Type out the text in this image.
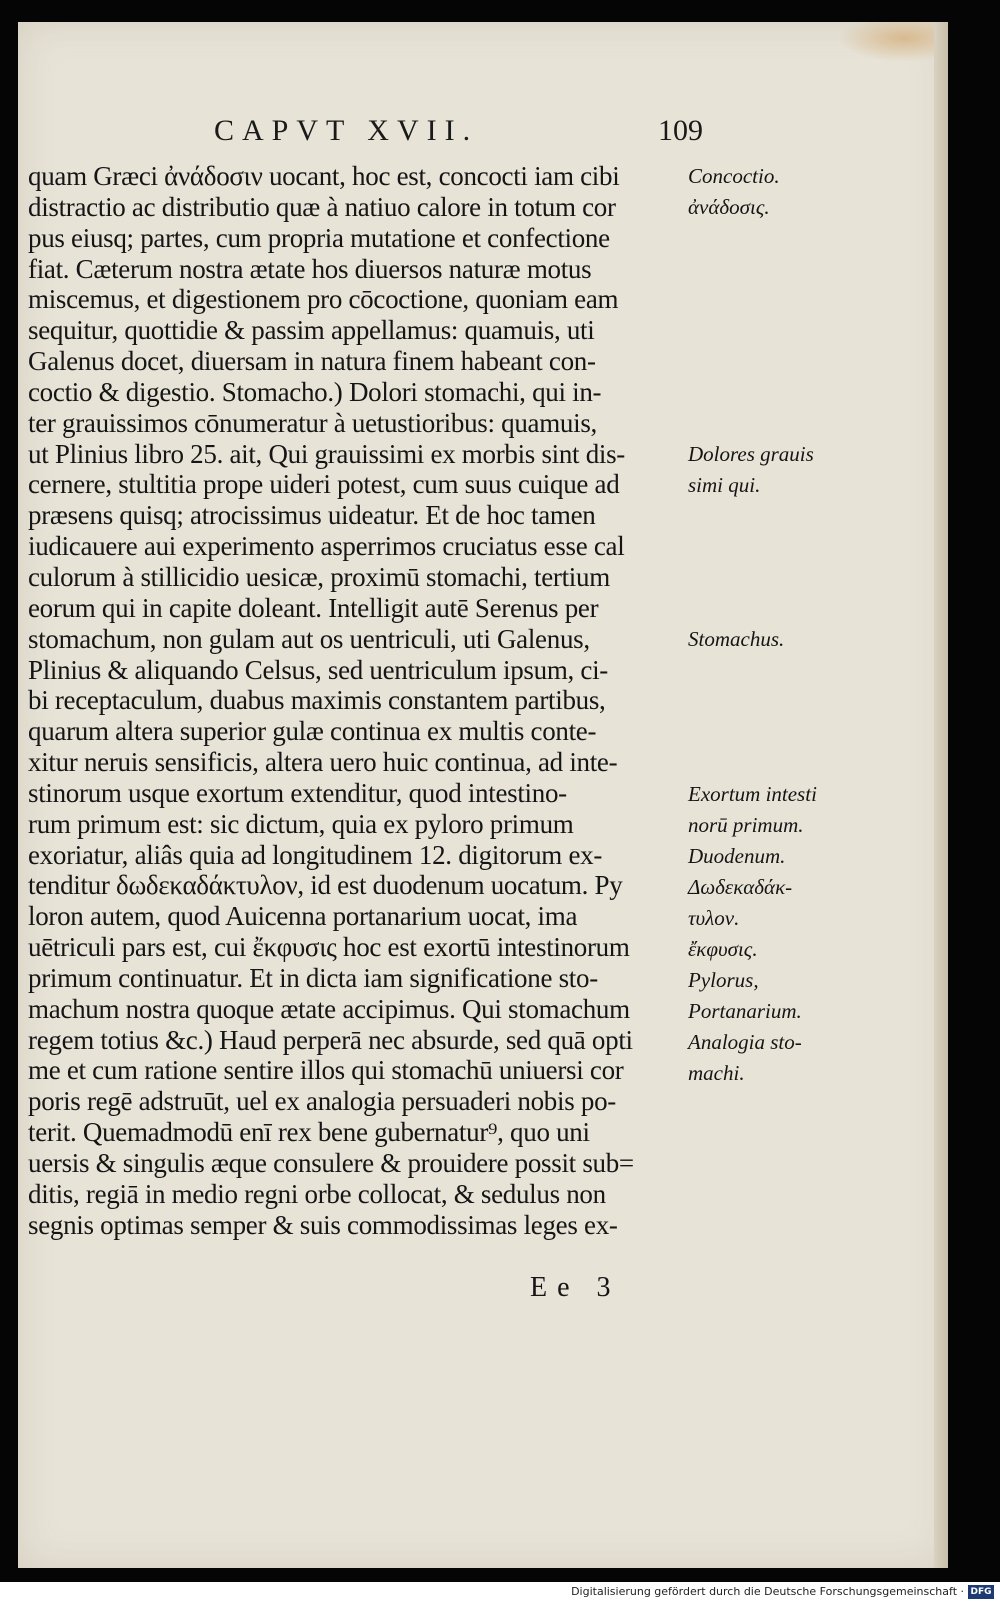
CAPVT XVII.	109
quam Græci ἀνάδοσιν uocant, hoc est, concocti iam cibi
distractio ac distributio quæ à natiuo calore in totum cor
pus eiusq; partes, cum propria mutatione et confectione
fiat. Cæterum nostra ætate hos diuersos naturæ motus
miscemus, et digestionem pro cōcoctione, quoniam eam
sequitur, quottidie & passim appellamus: quamuis, uti
Galenus docet, diuersam in natura finem habeant con-
coctio & digestio. Stomacho.) Dolori stomachi, qui in-
ter grauissimos cōnumeratur à uetustioribus: quamuis,
ut Plinius libro 25. ait, Qui grauissimi ex morbis sint dis-
cernere, stultitia prope uideri potest, cum suus cuique ad
præsens quisq; atrocissimus uideatur. Et de hoc tamen
iudicauere aui experimento asperrimos cruciatus esse cal
culorum à stillicidio uesicæ, proximū stomachi, tertium
eorum qui in capite doleant. Intelligit autē Serenus per
stomachum, non gulam aut os uentriculi, uti Galenus,
Plinius & aliquando Celsus, sed uentriculum ipsum, ci-
bi receptaculum, duabus maximis constantem partibus,
quarum altera superior gulæ continua ex multis conte-
xitur neruis sensificis, altera uero huic continua, ad inte-
stinorum usque exortum extenditur, quod intestino-
rum primum est: sic dictum, quia ex pyloro primum
exoriatur, aliâs quia ad longitudinem 12. digitorum ex-
tenditur δωδεκαδάκτυλον, id est duodenum uocatum. Py
loron autem, quod Auicenna portanarium uocat, ima
uētriculi pars est, cui ἔκφυσις hoc est exortū intestinorum
primum continuatur. Et in dicta iam significatione sto-
machum nostra quoque ætate accipimus. Qui stomachum
regem totius &c.) Haud perperā nec absurde, sed quā opti
me et cum ratione sentire illos qui stomachū uniuersi cor
poris regē adstruūt, uel ex analogia persuaderi nobis po-
terit. Quemadmodū enī rex bene gubernatur⁹, quo uni
uersis & singulis æque consulere & prouidere possit sub=
ditis, regiā in medio regni orbe collocat, & sedulus non
segnis optimas semper & suis commodissimas leges ex-
Concoctio.
ἀνάδοσις.
Dolores grauis
simi qui.
Stomachus.
Exortum intesti
norū primum.
Duodenum.
Δωδεκαδάκ-
τυλον.
ἔκφυσις.
Pylorus,
Portanarium.
Analogia sto-
machi.
Ee 3
Digitalisierung gefördert durch die Deutsche Forschungsgemeinschaft · DFG
